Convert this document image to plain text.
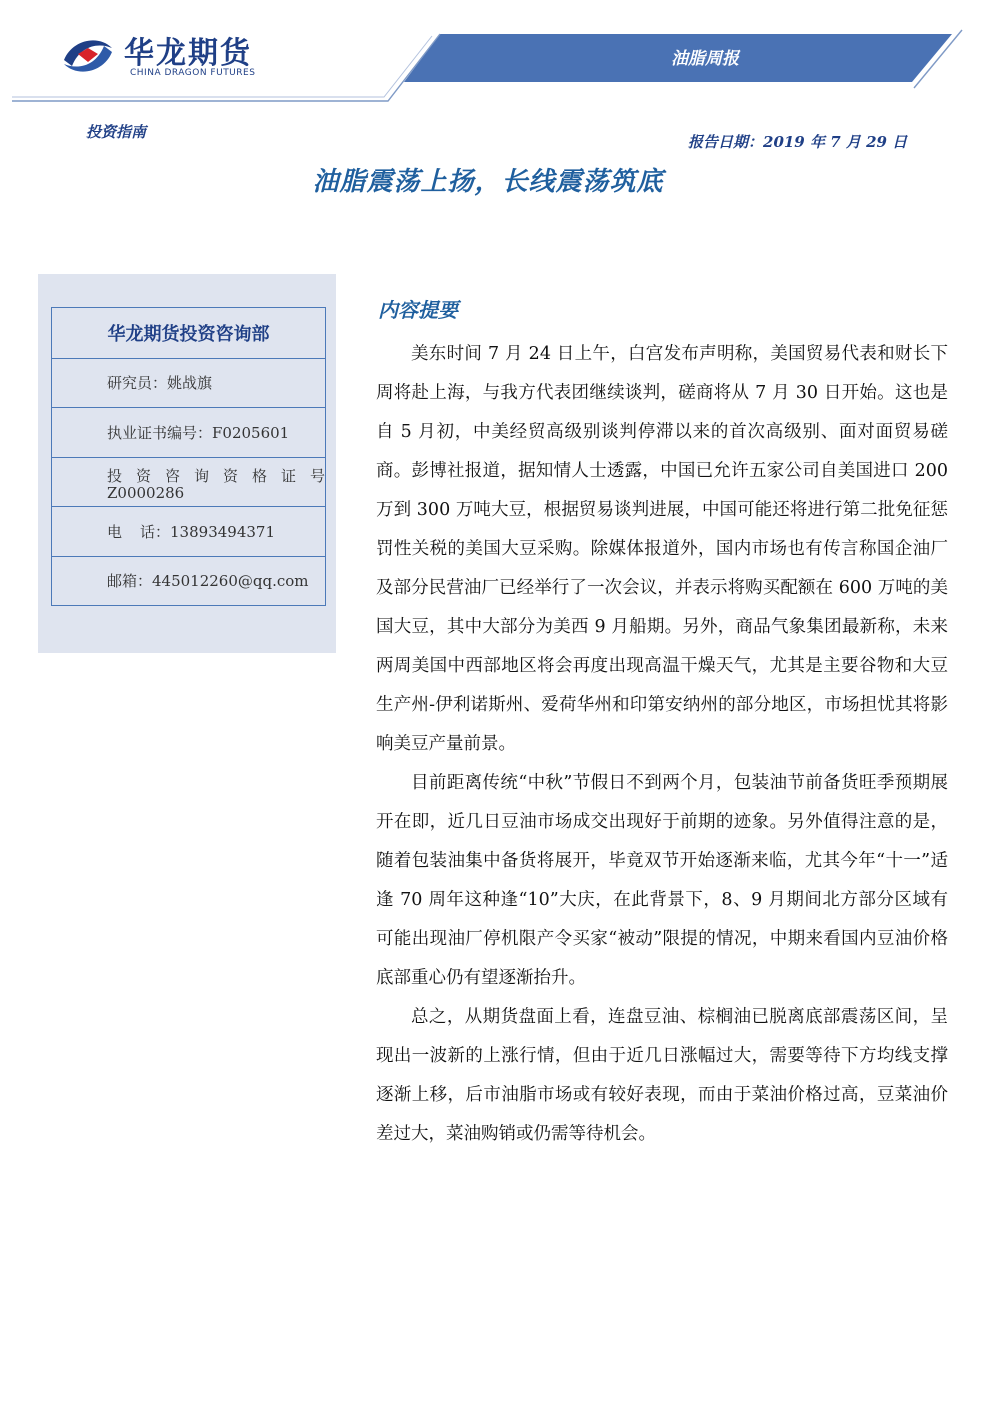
华龙期货
CHINA DRAGON FUTURES
油脂周报
投资指南
报告日期：2019 年 7 月 29 日
油脂震荡上扬，长线震荡筑底
华龙期货投资咨询部
研究员：姚战旗
执业证书编号：F0205601
投资咨询资格证号
Z0000286
电 话：13893494371
邮箱：445012260@qq.com
内容提要

美东时间 7 月 24 日上午，白宫发布声明称，美国贸易代表和财长下周将赴上海，与我方代表团继续谈判，磋商将从 7 月 30 日开始。这也是自 5 月初，中美经贸高级别谈判停滞以来的首次高级别、面对面贸易磋商。彭博社报道，据知情人士透露，中国已允许五家公司自美国进口 200 万到 300 万吨大豆，根据贸易谈判进展，中国可能还将进行第二批免征惩罚性关税的美国大豆采购。除媒体报道外，国内市场也有传言称国企油厂及部分民营油厂已经举行了一次会议，并表示将购买配额在 600 万吨的美国大豆，其中大部分为美西 9 月船期。另外，商品气象集团最新称，未来两周美国中西部地区将会再度出现高温干燥天气，尤其是主要谷物和大豆生产州-伊利诺斯州、爱荷华州和印第安纳州的部分地区，市场担忧其将影响美豆产量前景。

目前距离传统“中秋”节假日不到两个月，包装油节前备货旺季预期展开在即，近几日豆油市场成交出现好于前期的迹象。另外值得注意的是，随着包装油集中备货将展开，毕竟双节开始逐渐来临，尤其今年“十一”适逢 70 周年这种逢“10”大庆，在此背景下，8、9 月期间北方部分区域有可能出现油厂停机限产令买家“被动”限提的情况，中期来看国内豆油价格底部重心仍有望逐渐抬升。

总之，从期货盘面上看，连盘豆油、棕榈油已脱离底部震荡区间，呈现出一波新的上涨行情，但由于近几日涨幅过大，需要等待下方均线支撑逐渐上移，后市油脂市场或有较好表现，而由于菜油价格过高，豆菜油价差过大，菜油购销或仍需等待机会。
